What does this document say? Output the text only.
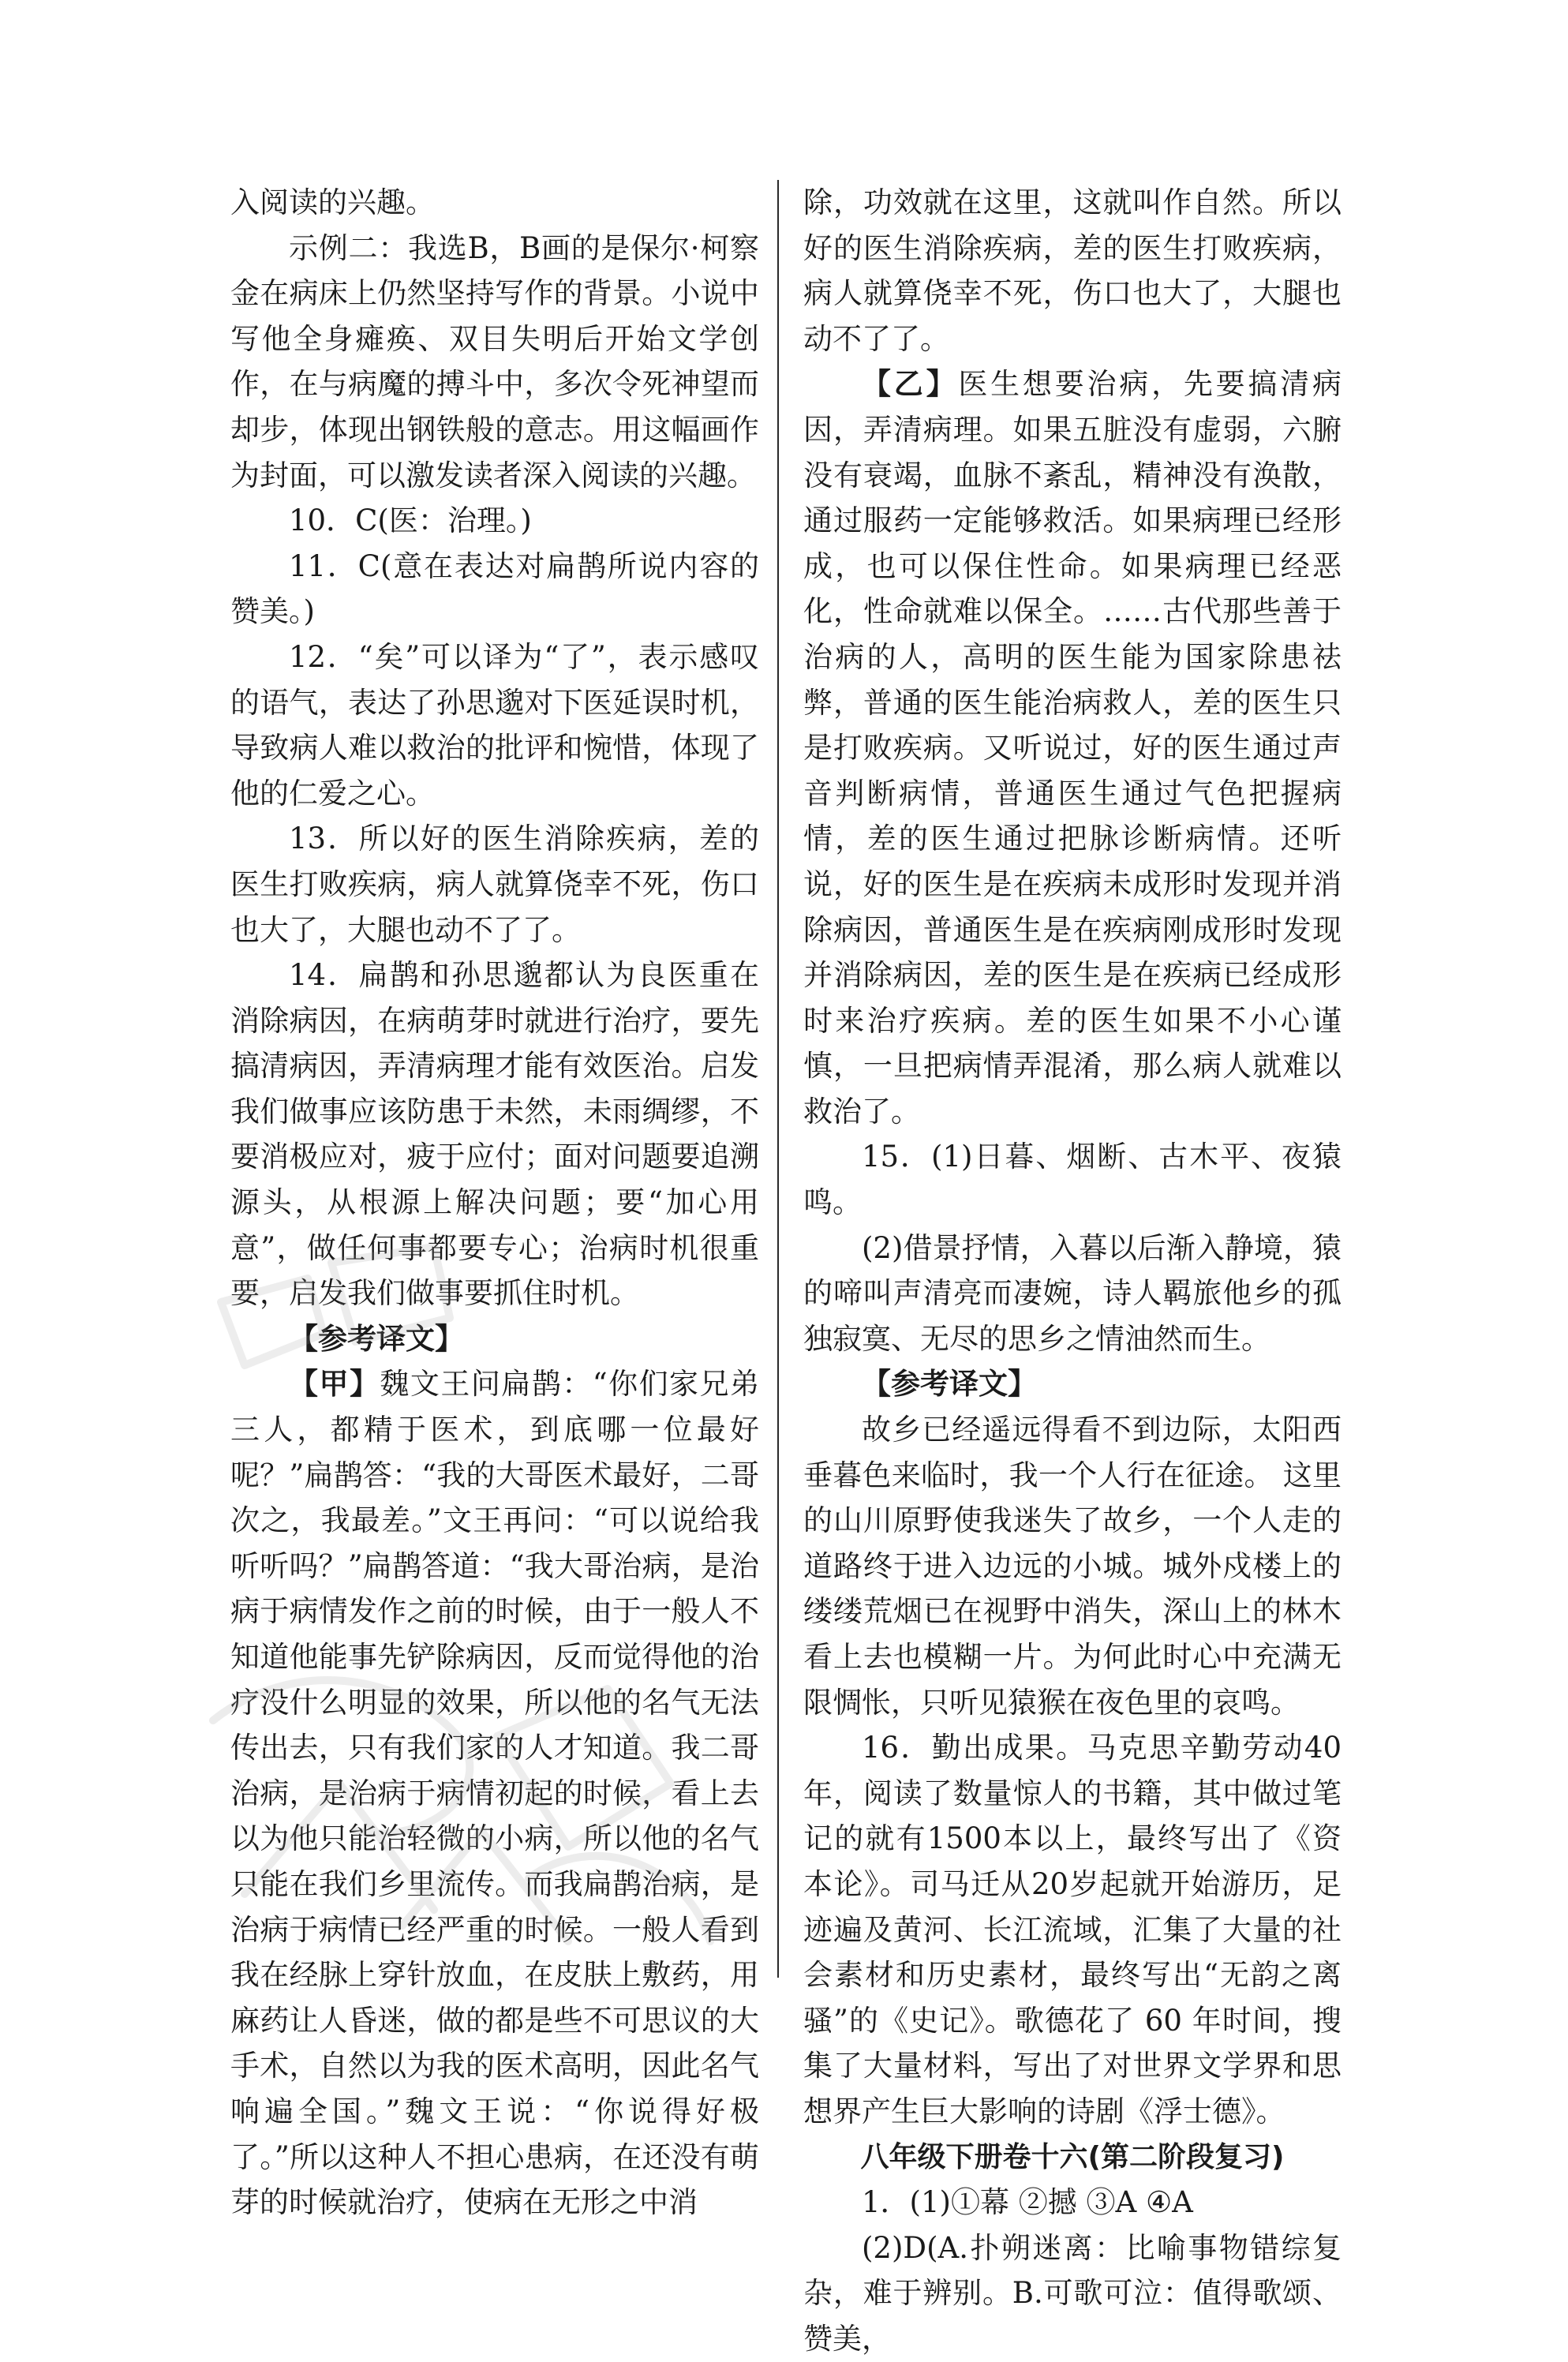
入阅读的兴趣。

示例二：我选B，B画的是保尔·柯察金在病床上仍然坚持写作的背景。小说中写他全身瘫痪、双目失明后开始文学创作，在与病魔的搏斗中，多次令死神望而却步，体现出钢铁般的意志。用这幅画作为封面，可以激发读者深入阅读的兴趣。

10．C(医：治理。)

11．C(意在表达对扁鹊所说内容的赞美。)

12．“矣”可以译为“了”，表示感叹的语气，表达了孙思邈对下医延误时机，导致病人难以救治的批评和惋惜，体现了他的仁爱之心。

13．所以好的医生消除疾病，差的医生打败疾病，病人就算侥幸不死，伤口也大了，大腿也动不了了。

14．扁鹊和孙思邈都认为良医重在消除病因，在病萌芽时就进行治疗，要先搞清病因，弄清病理才能有效医治。启发我们做事应该防患于未然，未雨绸缪，不要消极应对，疲于应付；面对问题要追溯源头，从根源上解决问题；要“加心用意”，做任何事都要专心；治病时机很重要，启发我们做事要抓住时机。

【参考译文】

【甲】魏文王问扁鹊：“你们家兄弟三人，都精于医术，到底哪一位最好呢？”扁鹊答：“我的大哥医术最好，二哥次之，我最差。”文王再问：“可以说给我听听吗？”扁鹊答道：“我大哥治病，是治病于病情发作之前的时候，由于一般人不知道他能事先铲除病因，反而觉得他的治疗没什么明显的效果，所以他的名气无法传出去，只有我们家的人才知道。我二哥治病，是治病于病情初起的时候，看上去以为他只能治轻微的小病，所以他的名气只能在我们乡里流传。而我扁鹊治病，是治病于病情已经严重的时候。一般人看到我在经脉上穿针放血，在皮肤上敷药，用麻药让人昏迷，做的都是些不可思议的大手术，自然以为我的医术高明，因此名气响遍全国。”魏文王说：“你说得好极了。”所以这种人不担心患病，在还没有萌芽的时候就治疗，使病在无形之中消

除，功效就在这里，这就叫作自然。所以好的医生消除疾病，差的医生打败疾病，病人就算侥幸不死，伤口也大了，大腿也动不了了。

【乙】医生想要治病，先要搞清病因，弄清病理。如果五脏没有虚弱，六腑没有衰竭，血脉不紊乱，精神没有涣散，通过服药一定能够救活。如果病理已经形成，也可以保住性命。如果病理已经恶化，性命就难以保全。……古代那些善于治病的人，高明的医生能为国家除患祛弊，普通的医生能治病救人，差的医生只是打败疾病。又听说过，好的医生通过声音判断病情，普通医生通过气色把握病情，差的医生通过把脉诊断病情。还听说，好的医生是在疾病未成形时发现并消除病因，普通医生是在疾病刚成形时发现并消除病因，差的医生是在疾病已经成形时来治疗疾病。差的医生如果不小心谨慎，一旦把病情弄混淆，那么病人就难以救治了。

15．(1)日暮、烟断、古木平、夜猿鸣。

(2)借景抒情，入暮以后渐入静境，猿的啼叫声清亮而凄婉，诗人羁旅他乡的孤独寂寞、无尽的思乡之情油然而生。

【参考译文】

故乡已经遥远得看不到边际，太阳西垂暮色来临时，我一个人行在征途。 这里的山川原野使我迷失了故乡，一个人走的道路终于进入边远的小城。城外戍楼上的缕缕荒烟已在视野中消失，深山上的林木看上去也模糊一片。为何此时心中充满无限惆怅，只听见猿猴在夜色里的哀鸣。

16．勤出成果。马克思辛勤劳动40年，阅读了数量惊人的书籍，其中做过笔记的就有1500本以上，最终写出了《资本论》。司马迁从20岁起就开始游历，足迹遍及黄河、长江流域，汇集了大量的社会素材和历史素材，最终写出“无韵之离骚”的《史记》。歌德花了 60 年时间，搜集了大量材料，写出了对世界文学界和思想界产生巨大影响的诗剧《浮士德》。

八年级下册卷十六(第二阶段复习)

1．(1)①幕 ②撼 ③A ④A

(2)D(A.扑朔迷离：比喻事物错综复杂，难于辨别。B.可歌可泣：值得歌颂、赞美，
